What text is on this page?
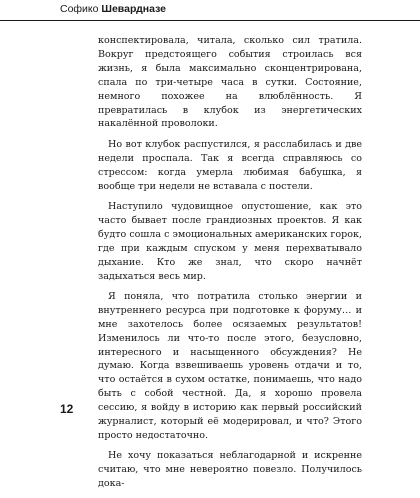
Софико Шевардназе

конспектировала, читала, сколько сил тратила. Вокруг предстоящего события строилась вся жизнь, я была максимально сконцентрирована, спала по три-четыре часа в сутки. Состояние, немного похожее на влюблённость. Я превратилась в клубок из энергетических накалённой проволоки.

Но вот клубок распустился, я расслабилась и две недели проспала. Так я всегда справляюсь со стрессом: когда умерла любимая бабушка, я вообще три недели не вставала с постели.

Наступило чудовищное опустошение, как это часто бывает после грандиозных проектов. Я как будто сошла с эмоциональных американских горок, где при каждым спуском у меня перехватывало дыхание. Кто же знал, что скоро начнёт задыхаться весь мир.

Я поняла, что потратила столько энергии и внутреннего ресурса при подготовке к форуму… и мне захотелось более осязаемых результатов! Изменилось ли что-то после этого, безусловно, интересного и насыщенного обсуждения? Не думаю. Когда взвешиваешь уровень отдачи и то, что остаётся в сухом остатке, понимаешь, что надо быть с собой честной. Да, я хорошо провела сессию, я войду в историю как первый российский журналист, который её модерировал, и что? Этого просто недостаточно.

Не хочу показаться неблагодарной и искренне считаю, что мне невероятно повезло. Получилось дока-

12
